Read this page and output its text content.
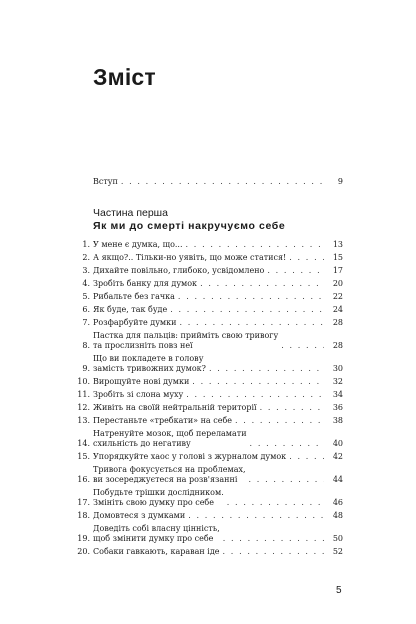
Зміст
Вступ . . .	9
Частина перша
Як ми до смерті накручуємо себе
1. У мене є думка, що... . . .	13
2. А якщо?.. Тільки-но уявіть, що може статися! . . .	15
3. Дихайте повільно, глибоко, усвідомлено . . .	17
4. Зробіть банку для думок . . .	20
5. Рибальте без гачка . . .	22
6. Як буде, так буде . . .	24
7. Розфарбуйте думки . . .	28
8.
Пастка для пальців: прийміть свою тривогу
та прослизніть повз неї . . .	28
9.
Що ви покладете в голову
замість тривожних думок? . . .	30
10. Вирощуйте нові думки . . .	32
11. Зробіть зі слона муху . . .	34
12. Живіть на своїй нейтральній території . . .	36
13. Перестаньте «требкати» на себе . . .	38
14.
Натренуйте мозок, щоб переламати
схильність до негативу . . .	40
15. Упорядкуйте хаос у голові з журналом думок . . .	42
16.
Тривога фокусується на проблемах,
ви зосереджуєтеся на розв'язанні . . .	44
17.
Побудьте трішки дослідником.
Змініть свою думку про себе . . .	46
18. Домовтеся з думками . . .	48
19.
Доведіть собі власну цінність,
щоб змінити думку про себе . . .	50
20. Собаки гавкають, караван іде . . .	52
5
